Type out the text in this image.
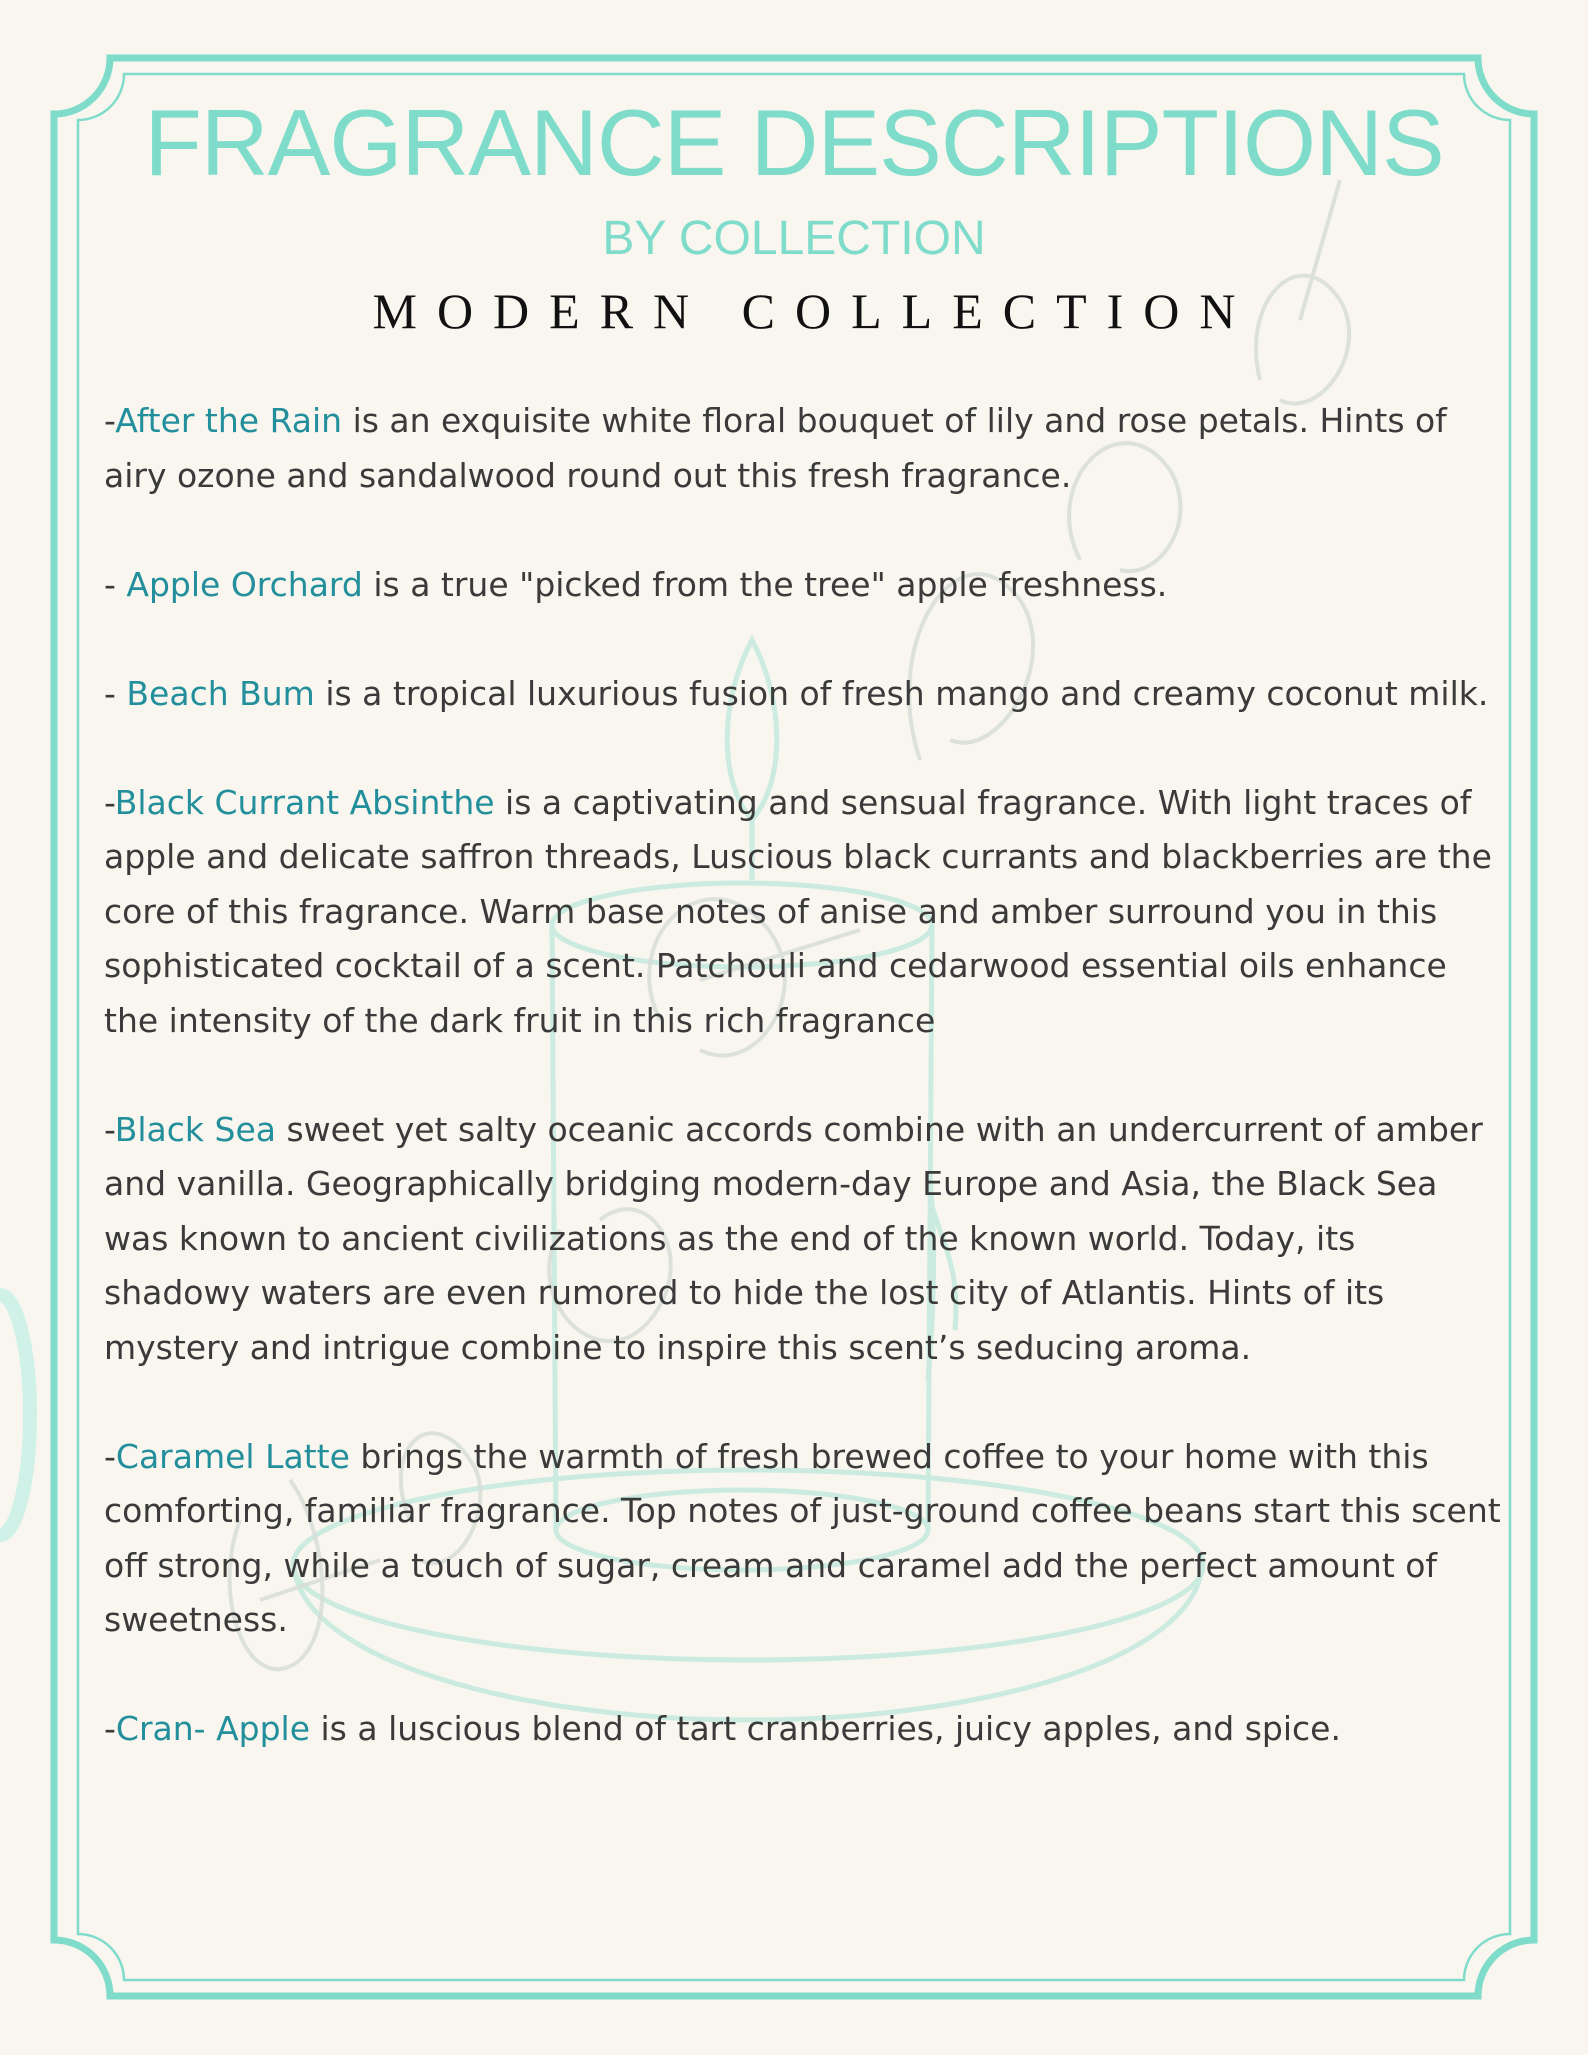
FRAGRANCE DESCRIPTIONS
BY COLLECTION
MODERN COLLECTION

-After the Rain is an exquisite white floral bouquet of lily and rose petals. Hints of airy ozone and sandalwood round out this fresh fragrance.

- Apple Orchard is a true "picked from the tree" apple freshness.

- Beach Bum is a tropical luxurious fusion of fresh mango and creamy coconut milk.

-Black Currant Absinthe is a captivating and sensual fragrance. With light traces of apple and delicate saffron threads, Luscious black currants and blackberries are the core of this fragrance. Warm base notes of anise and amber surround you in this sophisticated cocktail of a scent. Patchouli and cedarwood essential oils enhance the intensity of the dark fruit in this rich fragrance

-Black Sea sweet yet salty oceanic accords combine with an undercurrent of amber and vanilla. Geographically bridging modern-day Europe and Asia, the Black Sea was known to ancient civilizations as the end of the known world. Today, its shadowy waters are even rumored to hide the lost city of Atlantis. Hints of its mystery and intrigue combine to inspire this scent’s seducing aroma.

-Caramel Latte brings the warmth of fresh brewed coffee to your home with this comforting, familiar fragrance. Top notes of just-ground coffee beans start this scent off strong, while a touch of sugar, cream and caramel add the perfect amount of sweetness.

-Cran- Apple is a luscious blend of tart cranberries, juicy apples, and spice.
